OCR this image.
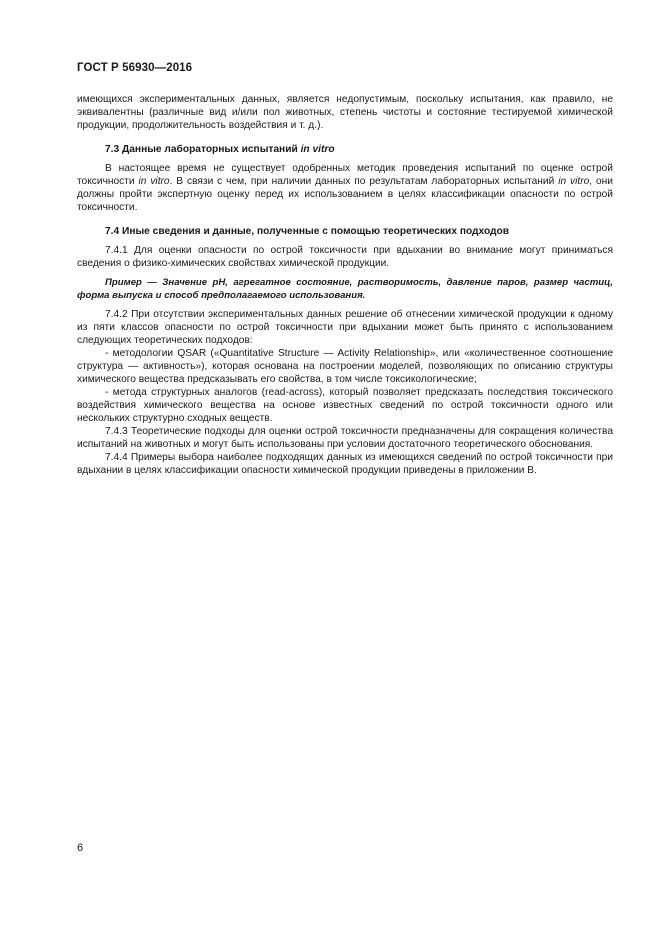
ГОСТ Р 56930—2016

имеющихся экспериментальных данных, является недопустимым, поскольку испытания, как правило, не эквивалентны (различные вид и/или пол животных, степень чистоты и состояние тестируемой химической продукции, продолжительность воздействия и т. д.).

7.3 Данные лабораторных испытаний in vitro

В настоящее время не существует одобренных методик проведения испытаний по оценке острой токсичности in vitro. В связи с чем, при наличии данных по результатам лабораторных испытаний in vitro, они должны пройти экспертную оценку перед их использованием в целях классификации опасности по острой токсичности.

7.4 Иные сведения и данные, полученные с помощью теоретических подходов

7.4.1 Для оценки опасности по острой токсичности при вдыхании во внимание могут приниматься сведения о физико-химических свойствах химической продукции.

Пример — Значение pH, агрегатное состояние, растворимость, давление паров, размер частиц, форма выпуска и способ предполагаемого использования.

7.4.2 При отсутствии экспериментальных данных решение об отнесении химической продукции к одному из пяти классов опасности по острой токсичности при вдыхании может быть принято с использованием следующих теоретических подходов:

- методологии QSAR («Quantitative Structure — Activity Relationship», или «количественное соотношение структура — активность»), которая основана на построении моделей, позволяющих по описанию структуры химического вещества предсказывать его свойства, в том числе токсикологические;

- метода структурных аналогов (read-across), который позволяет предсказать последствия токсического воздействия химического вещества на основе известных сведений по острой токсичности одного или нескольких структурно сходных веществ.

7.4.3 Теоретические подходы для оценки острой токсичности предназначены для сокращения количества испытаний на животных и могут быть использованы при условии достаточного теоретического обоснования.

7.4.4 Примеры выбора наиболее подходящих данных из имеющихся сведений по острой токсичности при вдыхании в целях классификации опасности химической продукции приведены в приложении В.

6
